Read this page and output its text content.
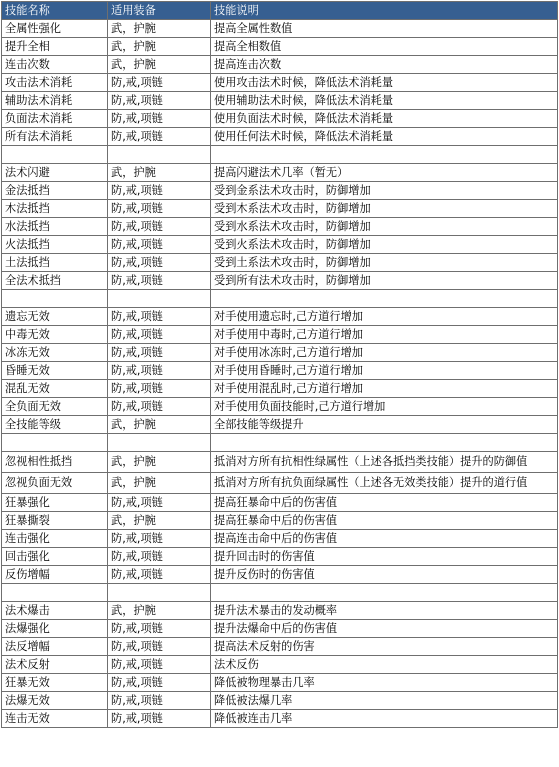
技能名称	适用装备	技能说明
全属性强化	武，护腕	提高全属性数值
提升全相	武，护腕	提高全相数值
连击次数	武，护腕	提高连击次数
攻击法术消耗	防,戒,项链	使用攻击法术时候，降低法术消耗量
辅助法术消耗	防,戒,项链	使用辅助法术时候，降低法术消耗量
负面法术消耗	防,戒,项链	使用负面法术时候，降低法术消耗量
所有法术消耗	防,戒,项链	使用任何法术时候，降低法术消耗量

法术闪避	武，护腕	提高闪避法术几率（暂无）
金法抵挡	防,戒,项链	受到金系法术攻击时，防御增加
木法抵挡	防,戒,项链	受到木系法术攻击时，防御增加
水法抵挡	防,戒,项链	受到水系法术攻击时，防御增加
火法抵挡	防,戒,项链	受到火系法术攻击时，防御增加
土法抵挡	防,戒,项链	受到土系法术攻击时，防御增加
全法术抵挡	防,戒,项链	受到所有法术攻击时，防御增加

遗忘无效	防,戒,项链	对手使用遗忘时,己方道行增加
中毒无效	防,戒,项链	对手使用中毒时,己方道行增加
冰冻无效	防,戒,项链	对手使用冰冻时,己方道行增加
昏睡无效	防,戒,项链	对手使用昏睡时,己方道行增加
混乱无效	防,戒,项链	对手使用混乱时,己方道行增加
全负面无效	防,戒,项链	对手使用负面技能时,己方道行增加
全技能等级	武，护腕	全部技能等级提升

忽视相性抵挡	武，护腕	抵消对方所有抗相性绿属性（上述各抵挡类技能）提升的防御值
忽视负面无效	武，护腕	抵消对方所有抗负面绿属性（上述各无效类技能）提升的道行值
狂暴强化	防,戒,项链	提高狂暴命中后的伤害值
狂暴撕裂	武，护腕	提高狂暴命中后的伤害值
连击强化	防,戒,项链	提高连击命中后的伤害值
回击强化	防,戒,项链	提升回击时的伤害值
反伤增幅	防,戒,项链	提升反伤时的伤害值

法术爆击	武，护腕	提升法术暴击的发动概率
法爆强化	防,戒,项链	提升法爆命中后的伤害值
法反增幅	防,戒,项链	提高法术反射的伤害
法术反射	防,戒,项链	法术反伤
狂暴无效	防,戒,项链	降低被物理暴击几率
法爆无效	防,戒,项链	降低被法爆几率
连击无效	防,戒,项链	降低被连击几率
